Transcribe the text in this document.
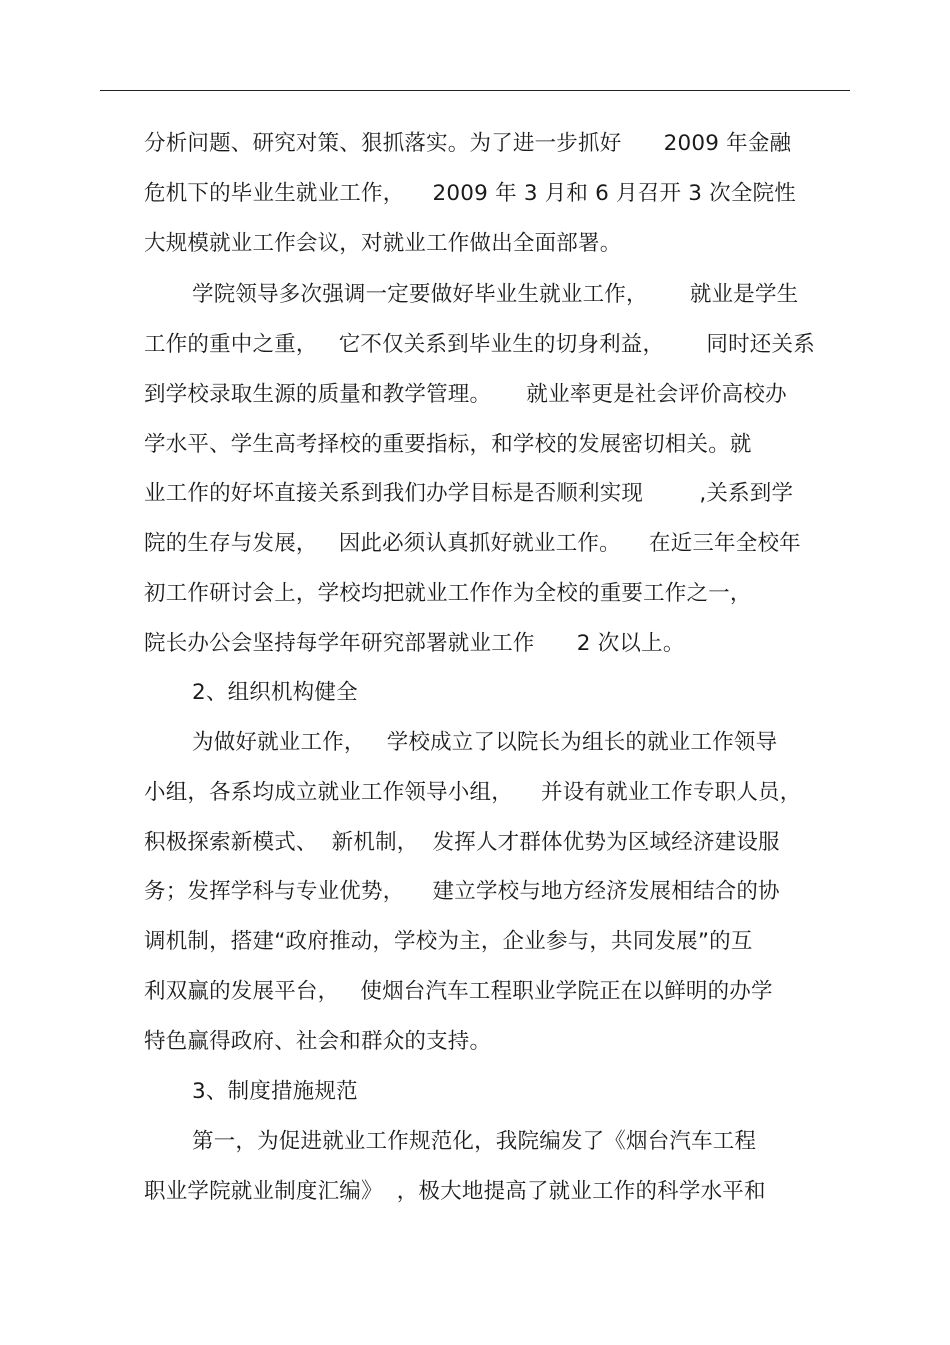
分析问题、研究对策、狠抓落实。为了进一步抓好      2009 年金融
危机下的毕业生就业工作，    2009 年 3 月和 6 月召开 3 次全院性
大规模就业工作会议，对就业工作做出全面部署。
学院领导多次强调一定要做好毕业生就业工作，      就业是学生
工作的重中之重，   它不仅关系到毕业生的切身利益，      同时还关系
到学校录取生源的质量和教学管理。     就业率更是社会评价高校办
学水平、学生高考择校的重要指标，和学校的发展密切相关。就
业工作的好坏直接关系到我们办学目标是否顺利实现        ,关系到学
院的生存与发展，   因此必须认真抓好就业工作。    在近三年全校年
初工作研讨会上，学校均把就业工作作为全校的重要工作之一，
院长办公会坚持每学年研究部署就业工作      2 次以上。
2、组织机构健全
为做好就业工作，   学校成立了以院长为组长的就业工作领导
小组，各系均成立就业工作领导小组，    并设有就业工作专职人员，
积极探索新模式、  新机制，  发挥人才群体优势为区域经济建设服
务；发挥学科与专业优势，    建立学校与地方经济发展相结合的协
调机制，搭建“政府推动，学校为主，企业参与，共同发展”的互
利双赢的发展平台，   使烟台汽车工程职业学院正在以鲜明的办学
特色赢得政府、社会和群众的支持。
3、制度措施规范
第一，为促进就业工作规范化，我院编发了《烟台汽车工程
职业学院就业制度汇编》  ，极大地提高了就业工作的科学水平和
